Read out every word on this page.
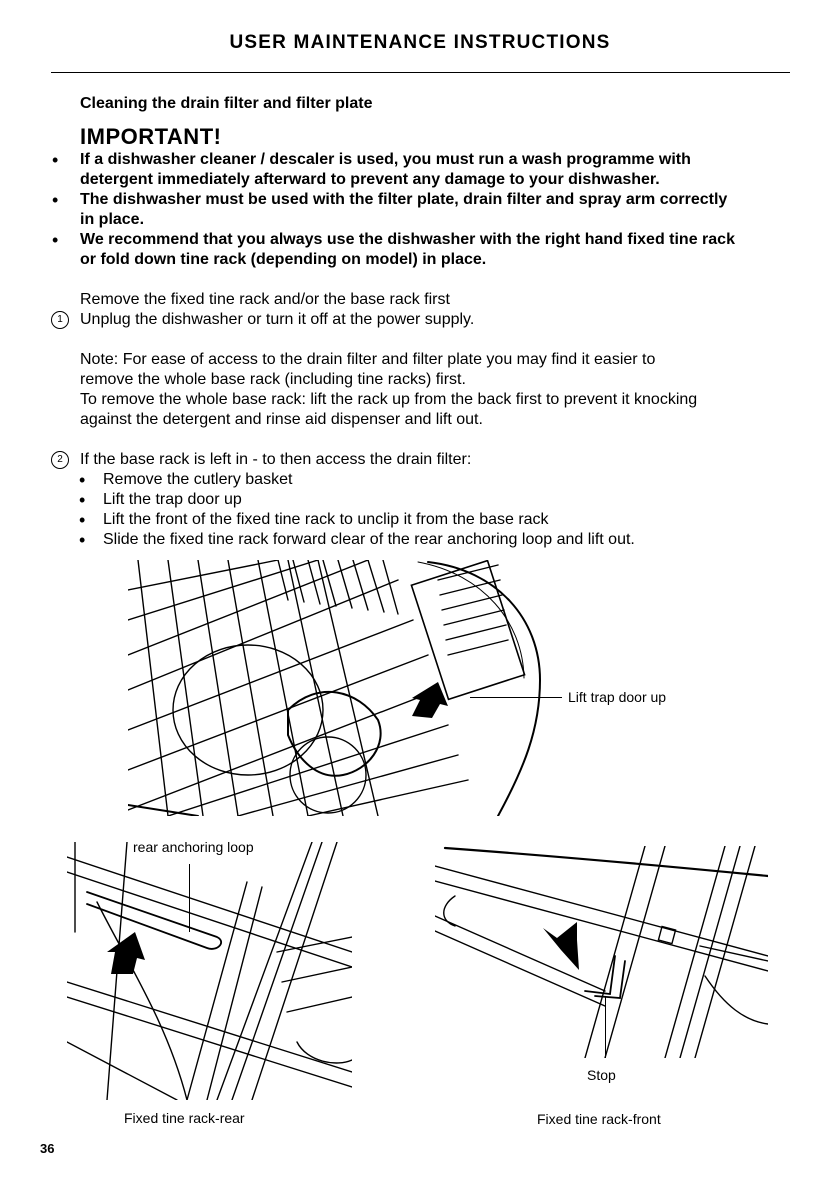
USER MAINTENANCE INSTRUCTIONS
Cleaning the drain filter and filter plate
IMPORTANT!
• If a dishwasher cleaner / descaler is used, you must run a wash programme with
detergent immediately afterward to prevent any damage to your dishwasher.
• The dishwasher must be used with the filter plate, drain filter and spray arm correctly
in place.
• We recommend that you always use the dishwasher with the right hand fixed tine rack
or fold down tine rack (depending on model) in place.
Remove the fixed tine rack and/or the base rack first
1	Unplug the dishwasher or turn it off at the power supply.
Note: For ease of access to the drain filter and filter plate you may find it easier to
remove the whole base rack (including tine racks) first.
To remove the whole base rack: lift the rack up from the back first to prevent it knocking
against the detergent and rinse aid dispenser and lift out.
2	If the base rack is left in - to then access the drain filter:
• Remove the cutlery basket
• Lift the trap door up
• Lift the front of the fixed tine rack to unclip it from the base rack
• Slide the fixed tine rack forward clear of the rear anchoring loop and lift out.
Lift trap door up
rear anchoring loop
Fixed tine rack-rear
Stop
Fixed tine rack-front
36
